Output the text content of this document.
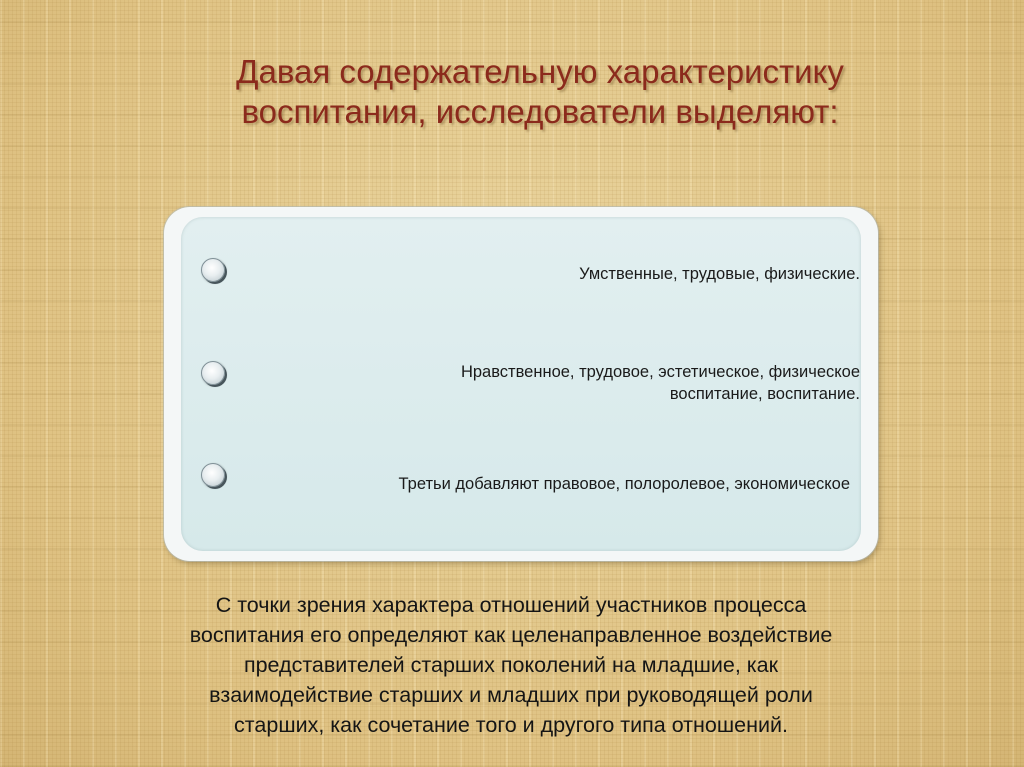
Давая содержательную характеристику
воспитания, исследователи выделяют:
Умственные, трудовые, физические.
Нравственное, трудовое, эстетическое, физическое
воспитание, воспитание.
Третьи добавляют правовое, полоролевое, экономическое
С точки зрения характера отношений участников процесса
воспитания его определяют как целенаправленное воздействие
представителей старших поколений на младшие, как
взаимодействие старших и младших при руководящей роли
старших, как сочетание того и другого типа отношений.
